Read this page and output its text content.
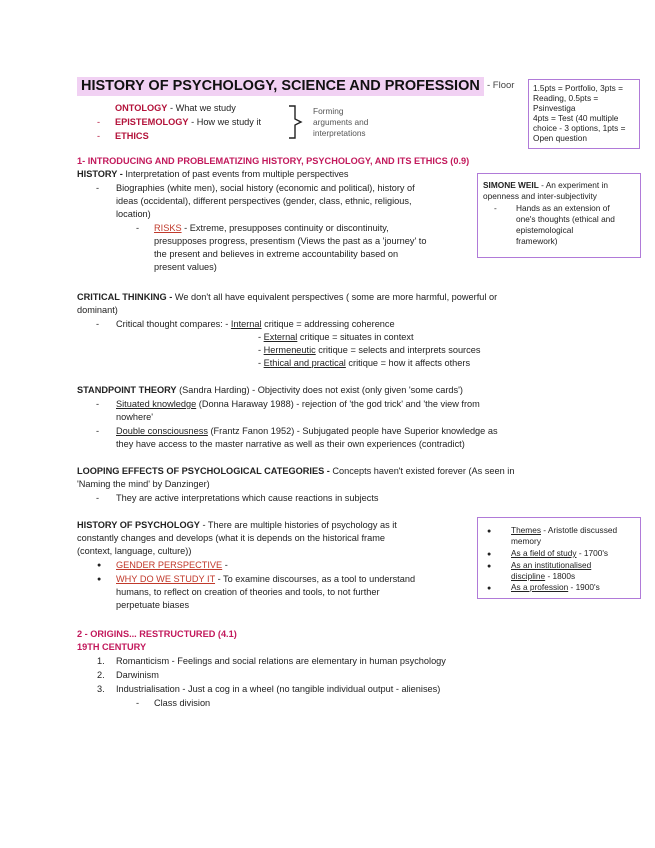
HISTORY OF PSYCHOLOGY, SCIENCE AND PROFESSION - Floor 1.5pts = Portfolio, 3pts =
Reading, 0.5pts =
Psinvestiga
4pts = Test (40 multiple
choice - 3 options, 1pts =
Open question
ONTOLOGY - What we study
- EPISTEMOLOGY - How we study it
- ETHICS
Forming
arguments and
interpretations
1- INTRODUCING AND PROBLEMATIZING HISTORY, PSYCHOLOGY, AND ITS ETHICS (0.9)
HISTORY - Interpretation of past events from multiple perspectives
- Biographies (white men), social history (economic and political), history of
ideas (occidental), different perspectives (gender, class, ethnic, religious,
location)
- RISKS - Extreme, presupposes continuity or discontinuity,
presupposes progress, presentism (Views the past as a 'journey' to
the present and believes in extreme accountability based on
present values)
SIMONE WEIL - An experiment in
openness and inter-subjectivity
- Hands as an extension of
one's thoughts (ethical and
epistemological
framework)
CRITICAL THINKING - We don't all have equivalent perspectives ( some are more harmful, powerful or
dominant)
- Critical thought compares: - Internal critique = addressing coherence
- External critique = situates in context
- Hermeneutic critique = selects and interprets sources
- Ethical and practical critique = how it affects others
STANDPOINT THEORY (Sandra Harding) - Objectivity does not exist (only given 'some cards')
- Situated knowledge (Donna Haraway 1988) - rejection of 'the god trick' and 'the view from
nowhere'
- Double consciousness (Frantz Fanon 1952) - Subjugated people have Superior knowledge as
they have access to the master narrative as well as their own experiences (contradict)
LOOPING EFFECTS OF PSYCHOLOGICAL CATEGORIES - Concepts haven't existed forever (As seen in
'Naming the mind' by Danzinger)
- They are active interpretations which cause reactions in subjects
HISTORY OF PSYCHOLOGY - There are multiple histories of psychology as it
constantly changes and develops (what it is depends on the historical frame
(context, language, culture))
● GENDER PERSPECTIVE -
● WHY DO WE STUDY IT - To examine discourses, as a tool to understand
humans, to reflect on creation of theories and tools, to not further
perpetuate biases
● Themes - Aristotle discussed
memory
● As a field of study - 1700's
● As an institutionalised
discipline - 1800s
● As a profession - 1900's
2 - ORIGINS... RESTRUCTURED (4.1)
19TH CENTURY
1. Romanticism - Feelings and social relations are elementary in human psychology
2. Darwinism
3. Industrialisation - Just a cog in a wheel (no tangible individual output - alienises)
- Class division
